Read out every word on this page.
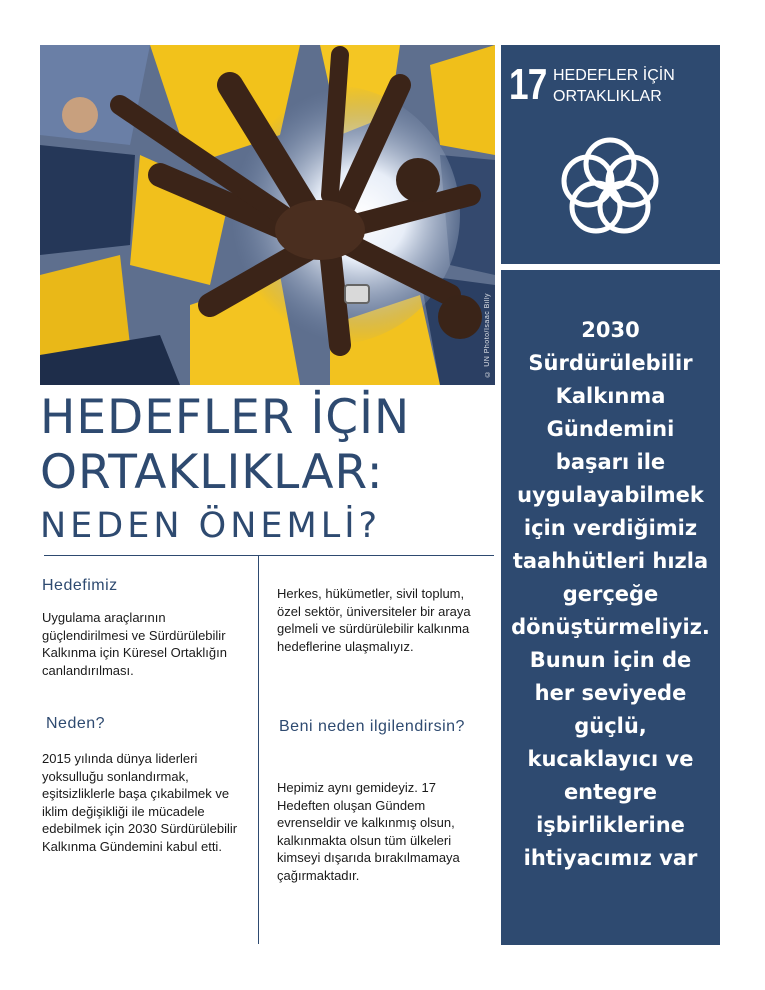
© UN Photo/Isaac Billy
17 HEDEFLER İÇİN ORTAKLIKLAR
2030
Sürdürülebilir
Kalkınma
Gündemini
başarı ile
uygulayabilmek
için verdiğimiz
taahhütleri hızla
gerçeğe
dönüştürmeliyiz.
Bunun için de
her seviyede
güçlü,
kucaklayıcı ve
entegre
işbirliklerine
ihtiyacımız var
HEDEFLER İÇİN
ORTAKLIKLAR:
NEDEN ÖNEMLİ?
Hedefimiz
Uygulama araçlarının güçlendirilmesi ve Sürdürülebilir Kalkınma için Küresel Ortaklığın canlandırılması.
Neden?
2015 yılında dünya liderleri yoksulluğu sonlandırmak, eşitsizliklerle başa çıkabilmek ve iklim değişikliği ile mücadele edebilmek için 2030 Sürdürülebilir Kalkınma Gündemini kabul etti.
Herkes, hükümetler, sivil toplum, özel sektör, üniversiteler bir araya gelmeli ve sürdürülebilir kalkınma hedeflerine ulaşmalıyız.
Beni neden ilgilendirsin?
Hepimiz aynı gemideyiz. 17 Hedeften oluşan Gündem evrenseldir ve kalkınmış olsun, kalkınmakta olsun tüm ülkeleri kimseyi dışarıda bırakılmamaya çağırmaktadır.
